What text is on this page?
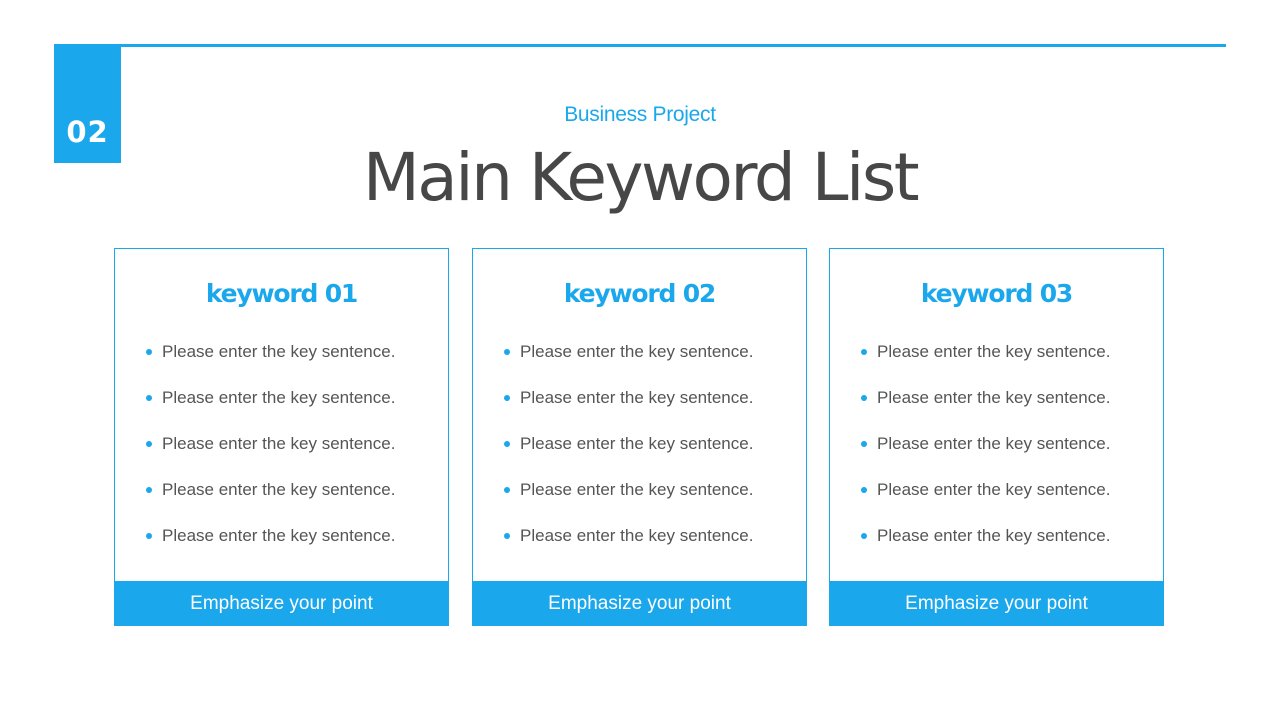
02
Business Project
Main Keyword List
keyword 01
Please enter the key sentence.
Please enter the key sentence.
Please enter the key sentence.
Please enter the key sentence.
Please enter the key sentence.
Emphasize your point
keyword 02
Please enter the key sentence.
Please enter the key sentence.
Please enter the key sentence.
Please enter the key sentence.
Please enter the key sentence.
Emphasize your point
keyword 03
Please enter the key sentence.
Please enter the key sentence.
Please enter the key sentence.
Please enter the key sentence.
Please enter the key sentence.
Emphasize your point
